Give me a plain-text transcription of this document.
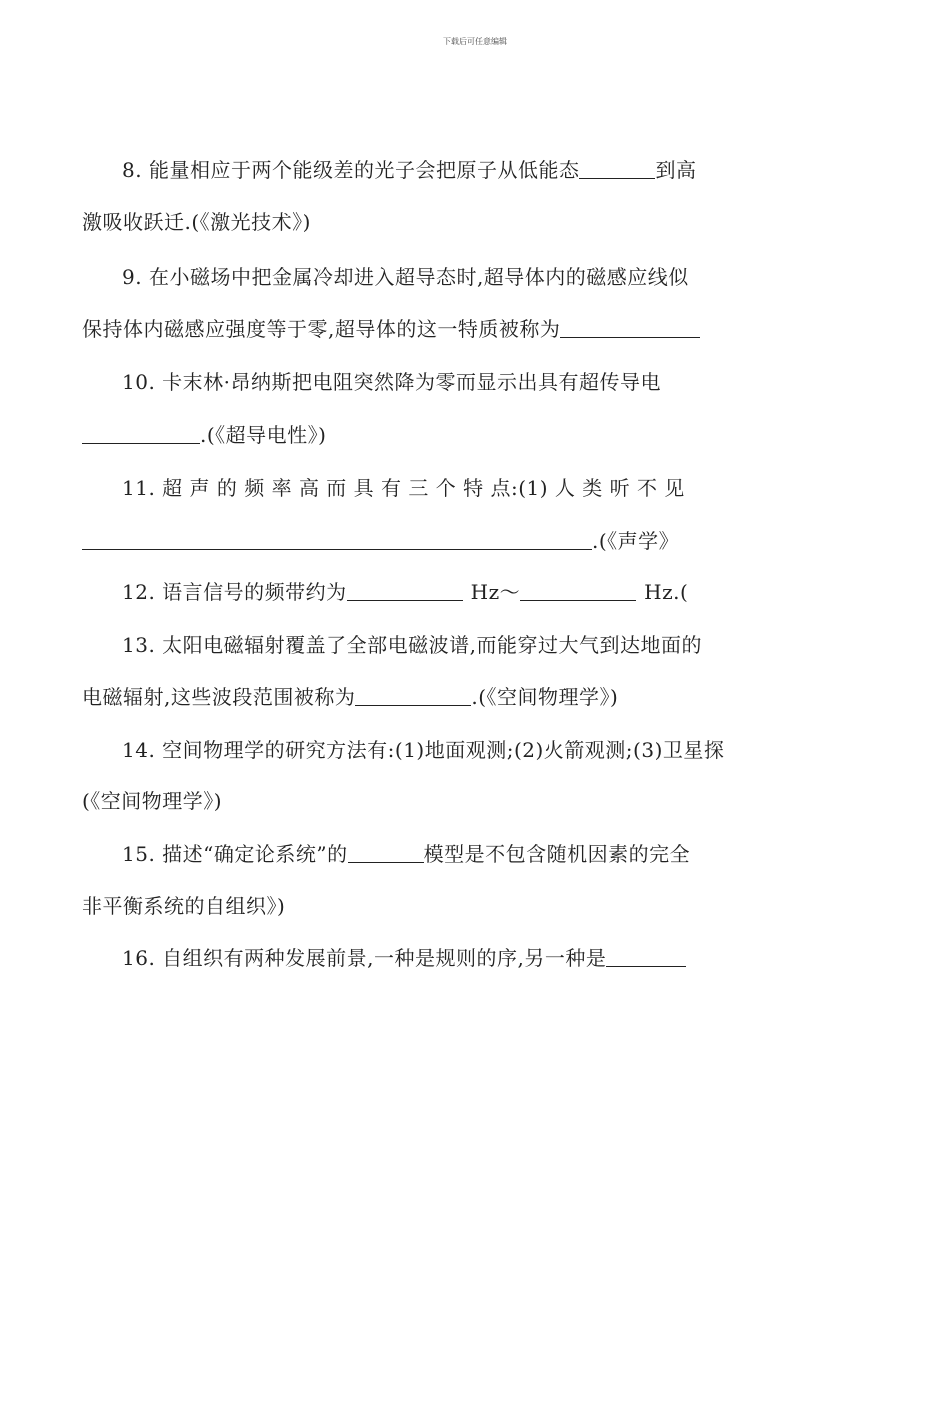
下载后可任意编辑
8. 能量相应于两个能级差的光子会把原子从低能态	到高
激吸收跃迁.(《激光技术》)
9. 在小磁场中把金属冷却进入超导态时,超导体内的磁感应线似
保持体内磁感应强度等于零,超导体的这一特质被称为
10. 卡末林·昂纳斯把电阻突然降为零而显示出具有超传导电
.(《超导电性》)
11. 超 声 的 频 率 高 而 具 有 三 个 特 点:(1) 人 类 听 不 见
.(《声学》
12. 语言信号的频带约为	Hz～	Hz.(
13. 太阳电磁辐射覆盖了全部电磁波谱,而能穿过大气到达地面的
电磁辐射,这些波段范围被称为	.(《空间物理学》)
14. 空间物理学的研究方法有:(1)地面观测;(2)火箭观测;(3)卫星探
(《空间物理学》)
15. 描述“确定论系统”的	模型是不包含随机因素的完全
非平衡系统的自组织》)
16. 自组织有两种发展前景,一种是规则的序,另一种是
